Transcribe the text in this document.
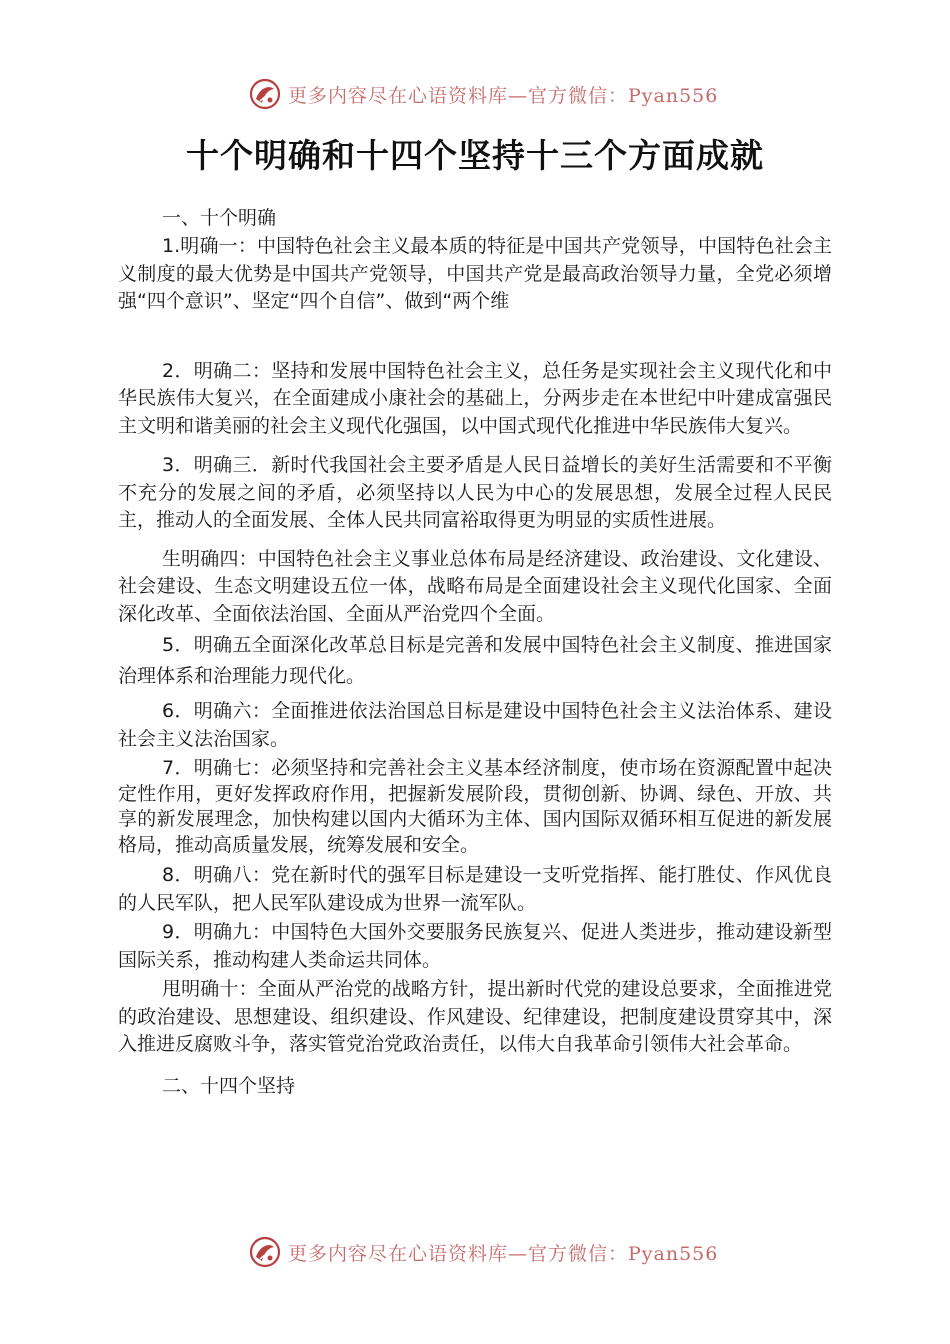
更多内容尽在心语资料库—官方微信：Pyan556
十个明确和十四个坚持十三个方面成就

一、十个明确

1.明确一：中国特色社会主义最本质的特征是中国共产党领导，中国特色社会主义制度的最大优势是中国共产党领导，中国共产党是最高政治领导力量，全党必须增强“四个意识”、坚定“四个自信”、做到“两个维

2．明确二：坚持和发展中国特色社会主义，总任务是实现社会主义现代化和中华民族伟大复兴，在全面建成小康社会的基础上，分两步走在本世纪中叶建成富强民主文明和谐美丽的社会主义现代化强国，以中国式现代化推进中华民族伟大复兴。

3．明确三．新时代我国社会主要矛盾是人民日益增长的美好生活需要和不平衡不充分的发展之间的矛盾，必须坚持以人民为中心的发展思想，发展全过程人民民主，推动人的全面发展、全体人民共同富裕取得更为明显的实质性进展。

生明确四：中国特色社会主义事业总体布局是经济建设、政治建设、文化建设、社会建设、生态文明建设五位一体，战略布局是全面建设社会主义现代化国家、全面深化改革、全面依法治国、全面从严治党四个全面。

5．明确五全面深化改革总目标是完善和发展中国特色社会主义制度、推进国家治理体系和治理能力现代化。

6．明确六：全面推进依法治国总目标是建设中国特色社会主义法治体系、建设社会主义法治国家。

7．明确七：必须坚持和完善社会主义基本经济制度，使市场在资源配置中起决定性作用，更好发挥政府作用，把握新发展阶段，贯彻创新、协调、绿色、开放、共享的新发展理念，加快构建以国内大循环为主体、国内国际双循环相互促进的新发展格局，推动高质量发展，统筹发展和安全。

8．明确八：党在新时代的强军目标是建设一支听党指挥、能打胜仗、作风优良的人民军队，把人民军队建设成为世界一流军队。

9．明确九：中国特色大国外交要服务民族复兴、促进人类进步，推动建设新型国际关系，推动构建人类命运共同体。

甩明确十：全面从严治党的战略方针，提出新时代党的建设总要求，全面推进党的政治建设、思想建设、组织建设、作风建设、纪律建设，把制度建设贯穿其中，深入推进反腐败斗争，落实管党治党政治责任，以伟大自我革命引领伟大社会革命。

二、十四个坚持

更多内容尽在心语资料库—官方微信：Pyan556
